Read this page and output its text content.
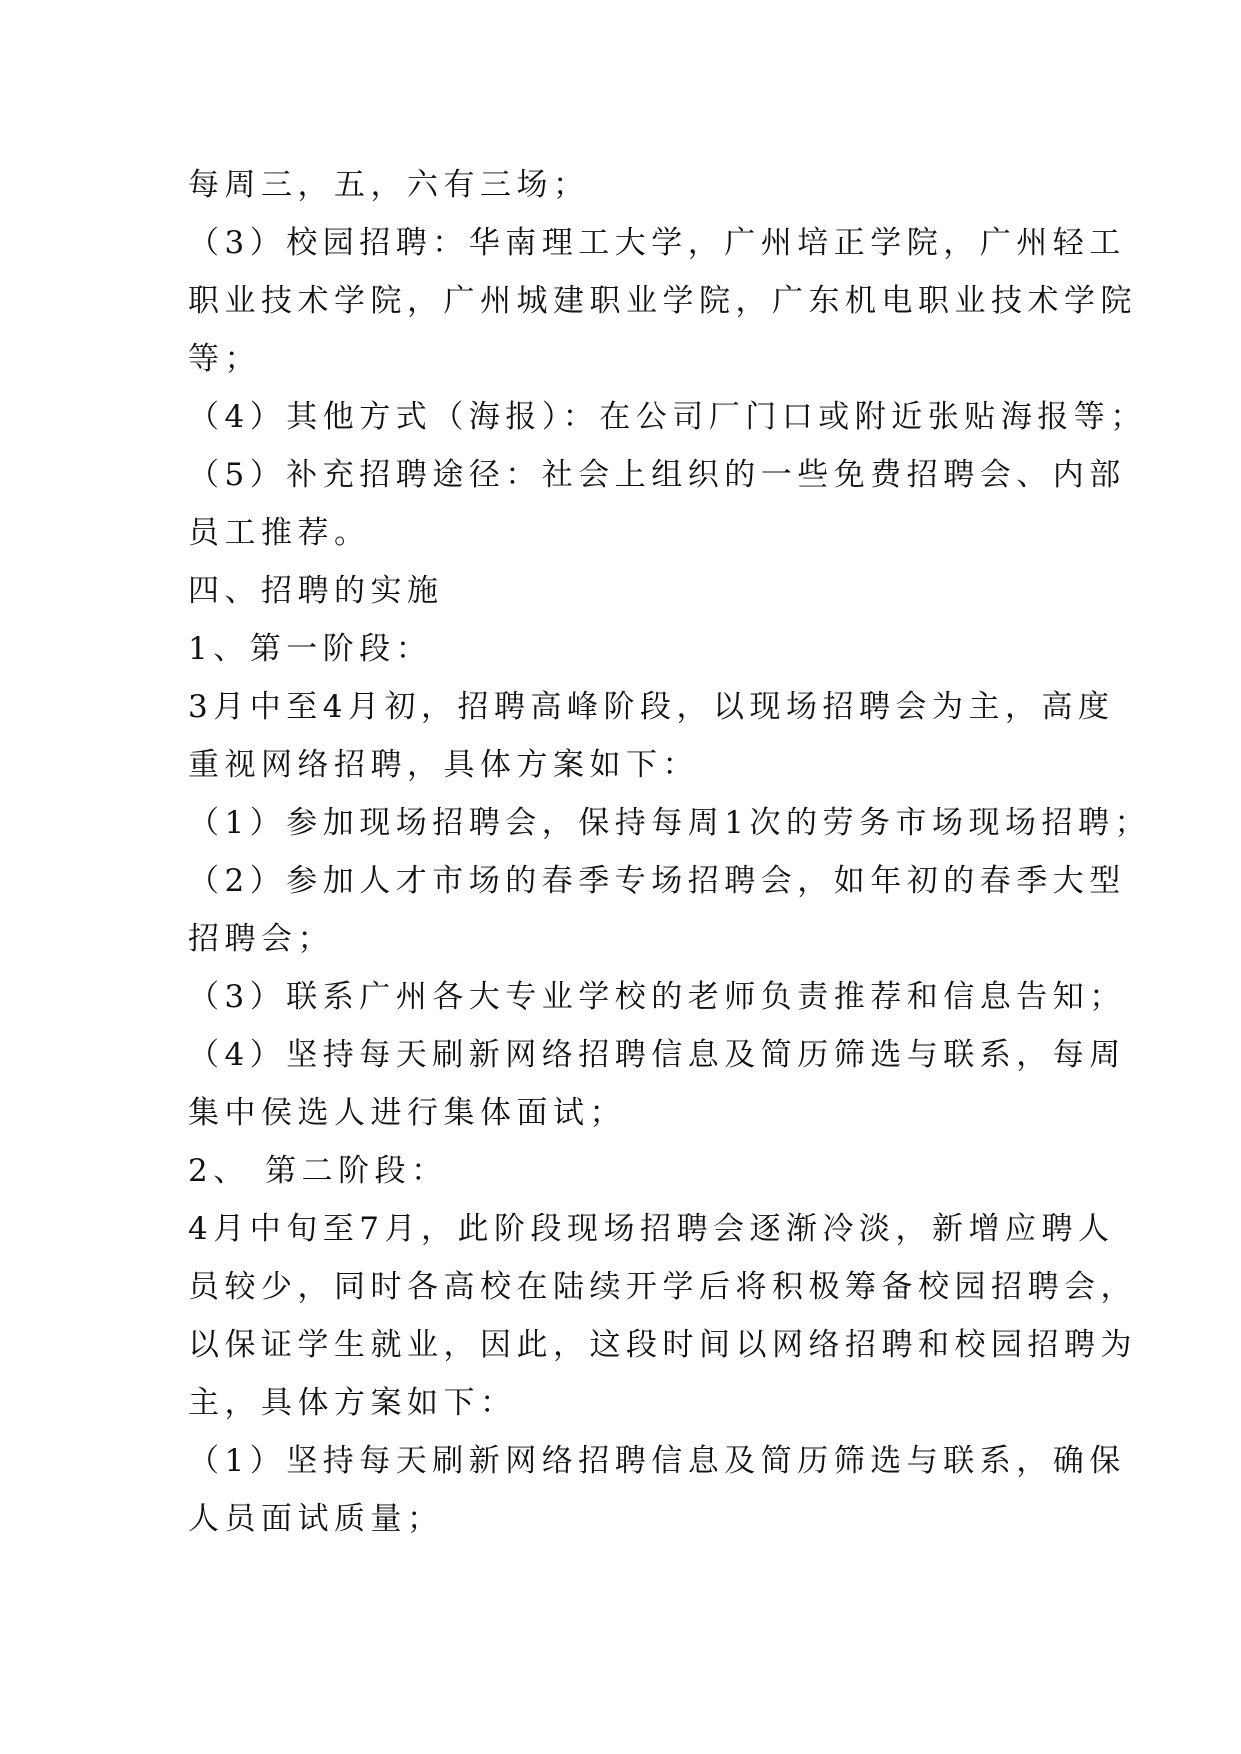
每周三，五，六有三场；

（3）校园招聘：华南理工大学，广州培正学院，广州轻工

职业技术学院，广州城建职业学院，广东机电职业技术学院

等；

（4）其他方式（海报）：在公司厂门口或附近张贴海报等；

（5）补充招聘途径：社会上组织的一些免费招聘会、内部

员工推荐。

四、招聘的实施

1、第一阶段：

3月中至4月初，招聘高峰阶段，以现场招聘会为主，高度

重视网络招聘，具体方案如下：

（1）参加现场招聘会，保持每周1次的劳务市场现场招聘；

（2）参加人才市场的春季专场招聘会，如年初的春季大型

招聘会；

（3）联系广州各大专业学校的老师负责推荐和信息告知；

（4）坚持每天刷新网络招聘信息及简历筛选与联系，每周

集中侯选人进行集体面试；

2、 第二阶段：

4月中旬至7月，此阶段现场招聘会逐渐冷淡，新增应聘人

员较少，同时各高校在陆续开学后将积极筹备校园招聘会，

以保证学生就业，因此，这段时间以网络招聘和校园招聘为

主，具体方案如下：

（1）坚持每天刷新网络招聘信息及简历筛选与联系，确保

人员面试质量；
